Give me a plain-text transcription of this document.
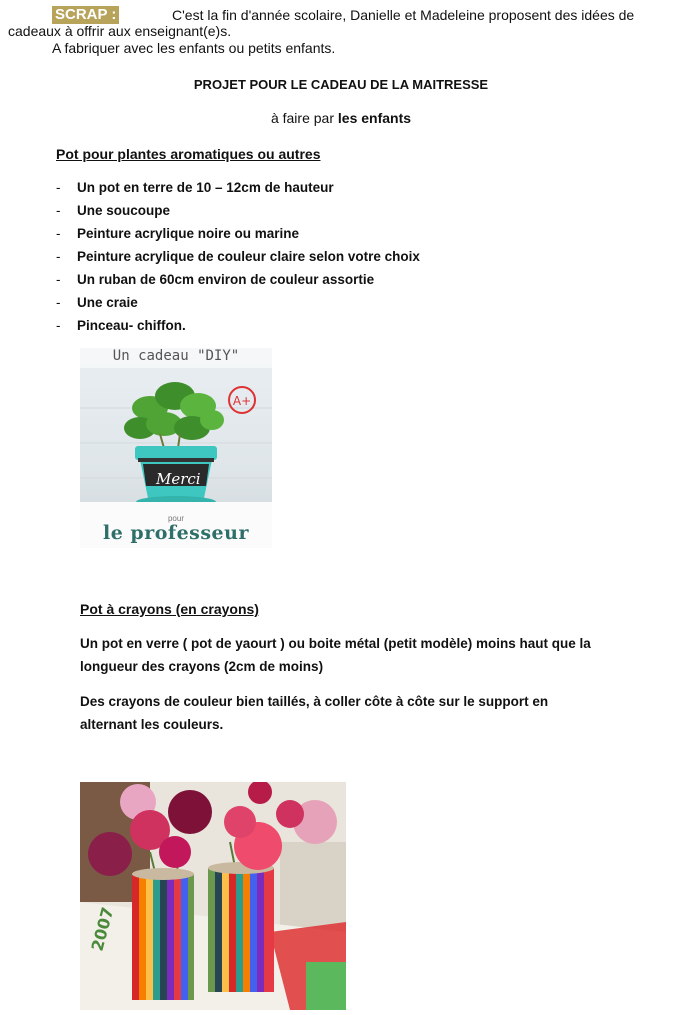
SCRAP :	C'est la fin d'année scolaire, Danielle et Madeleine proposent des idées de
cadeaux à offrir aux enseignant(e)s.
A fabriquer avec les enfants ou petits enfants.
PROJET POUR LE CADEAU DE LA MAITRESSE
à faire par les enfants
Pot pour plantes aromatiques ou autres
- Un pot en terre de 10 – 12cm de hauteur
- Une soucoupe
- Peinture acrylique noire ou marine
- Peinture acrylique de couleur claire selon votre choix
- Un ruban de 60cm environ de couleur assortie
- Une craie
- Pinceau- chiffon.
Un cadeau "DIY"
A+
Merci
pour
le professeur
Pot à crayons (en crayons)
Un pot en verre ( pot de yaourt ) ou boite métal (petit modèle) moins haut que la longueur des crayons (2cm de moins)
Des crayons de couleur bien taillés, à coller côte à côte sur le support en alternant les couleurs.
2007
